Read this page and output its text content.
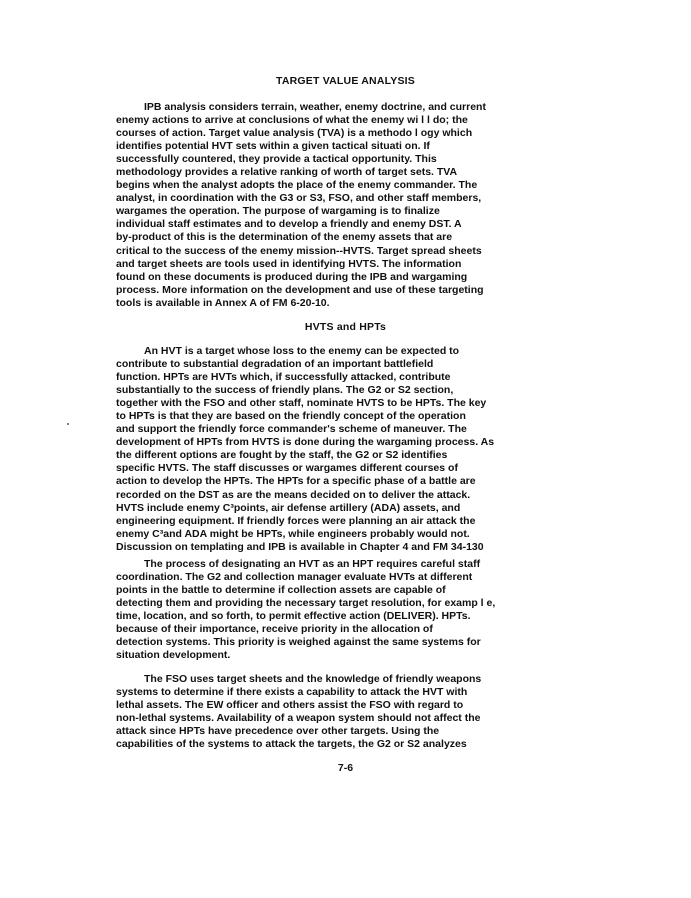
TARGET VALUE ANALYSIS
IPB analysis considers terrain, weather, enemy doctrine, and current
enemy actions to arrive at conclusions of what the enemy wi l l do; the
courses of action. Target value analysis (TVA) is a methodo l ogy which
identifies potential HVT sets within a given tactical situati on. If
successfully countered, they provide a tactical opportunity. This
methodology provides a relative ranking of worth of target sets. TVA
begins when the analyst adopts the place of the enemy commander. The
analyst, in coordination with the G3 or S3, FSO, and other staff members,
wargames the operation. The purpose of wargaming is to finalize
individual staff estimates and to develop a friendly and enemy DST. A
by-product of this is the determination of the enemy assets that are
critical to the success of the enemy mission--HVTS. Target spread sheets
and target sheets are tools used in identifying HVTS. The information
found on these documents is produced during the IPB and wargaming
process. More information on the development and use of these targeting
tools is available in Annex A of FM 6-20-10.
HVTS and HPTs
An HVT is a target whose loss to the enemy can be expected to
contribute to substantial degradation of an important battlefield
function. HPTs are HVTs which, if successfully attacked, contribute
substantially to the success of friendly plans. The G2 or S2 section,
together with the FSO and other staff, nominate HVTS to be HPTs. The key
to HPTs is that they are based on the friendly concept of the operation
and support the friendly force commander's scheme of maneuver. The
development of HPTs from HVTS is done during the wargaming process. As
the different options are fought by the staff, the G2 or S2 identifies
specific HVTS. The staff discusses or wargames different courses of
action to develop the HPTs. The HPTs for a specific phase of a battle are
recorded on the DST as are the means decided on to deliver the attack.
HVTS include enemy C³points, air defense artillery (ADA) assets, and
engineering equipment. If friendly forces were planning an air attack the
enemy C³and ADA might be HPTs, while engineers probably would not.
Discussion on templating and IPB is available in Chapter 4 and FM 34-130
The process of designating an HVT as an HPT requires careful staff
coordination. The G2 and collection manager evaluate HVTs at different
points in the battle to determine if collection assets are capable of
detecting them and providing the necessary target resolution, for examp l e,
time, location, and so forth, to permit effective action (DELIVER). HPTs.
because of their importance, receive priority in the allocation of
detection systems. This priority is weighed against the same systems for
situation development.
The FSO uses target sheets and the knowledge of friendly weapons
systems to determine if there exists a capability to attack the HVT with
lethal assets. The EW officer and others assist the FSO with regard to
non-lethal systems. Availability of a weapon system should not affect the
attack since HPTs have precedence over other targets. Using the
capabilities of the systems to attack the targets, the G2 or S2 analyzes
7-6
